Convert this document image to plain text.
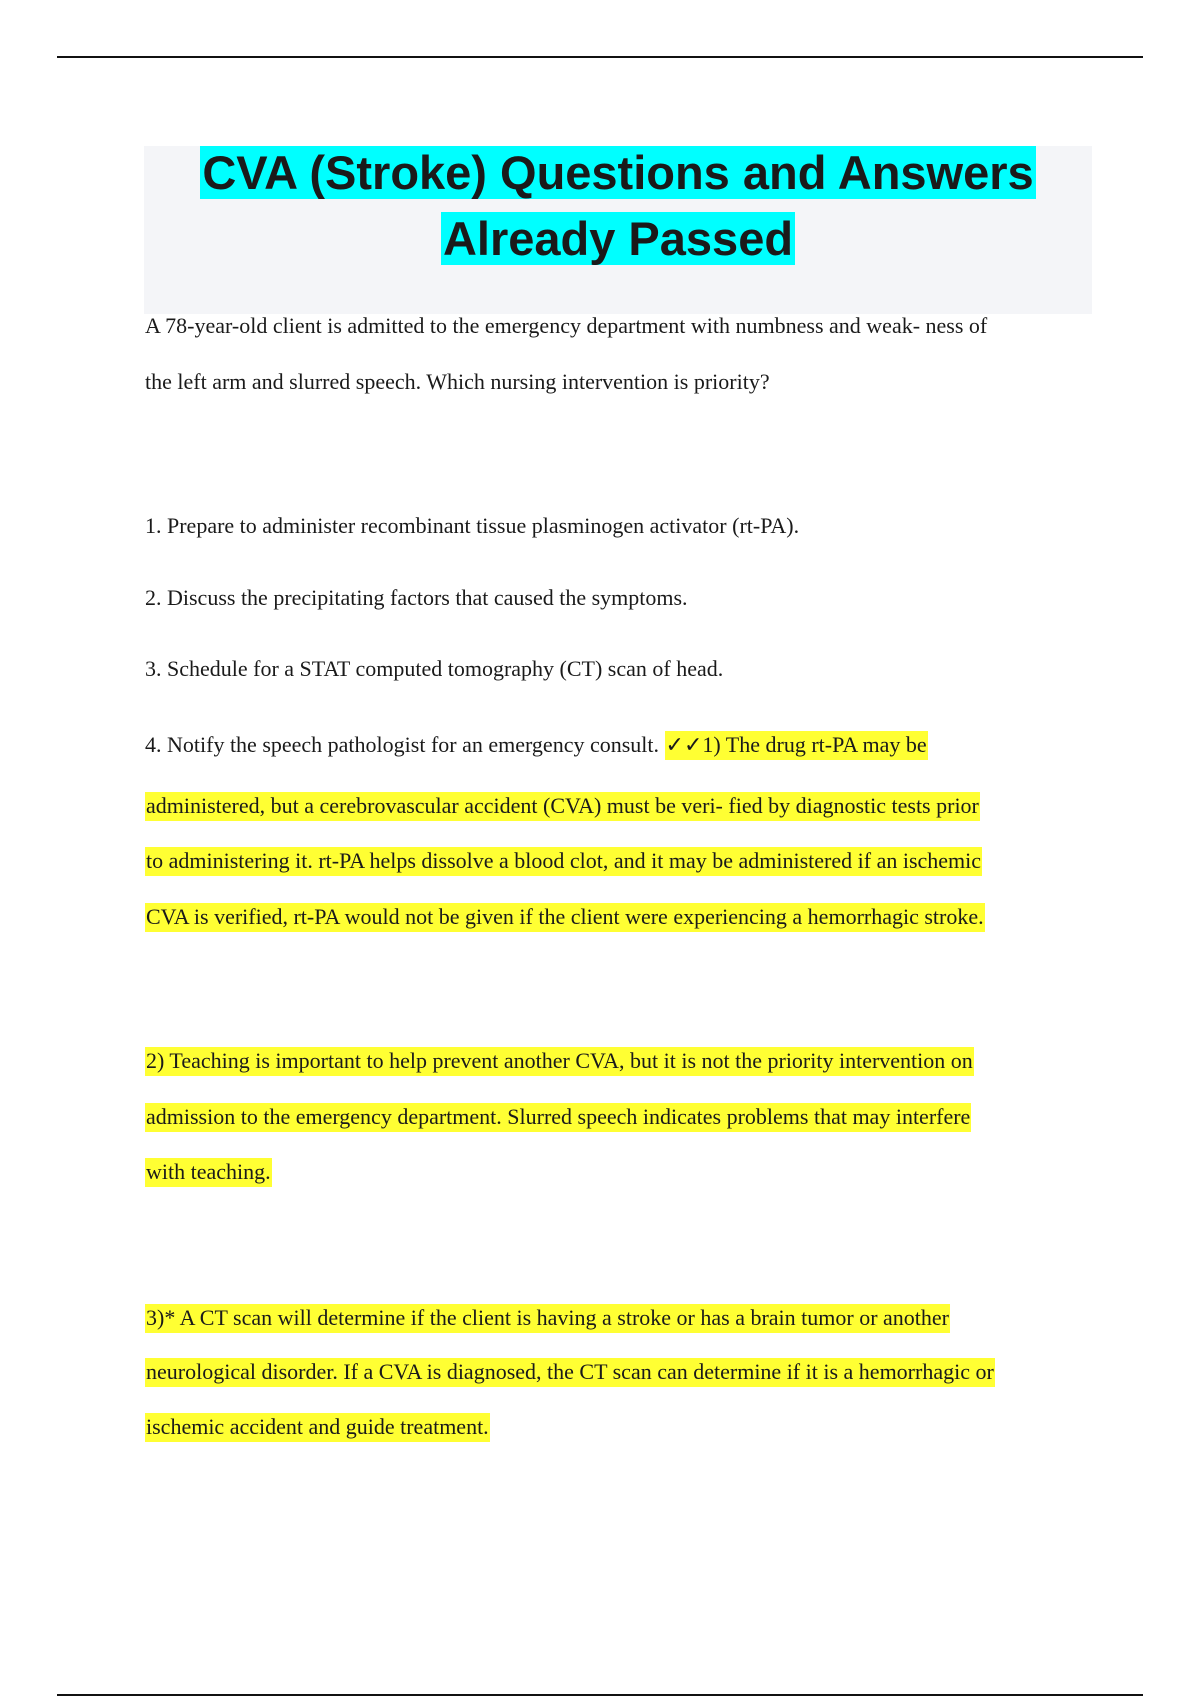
CVA (Stroke) Questions and Answers
Already Passed
A 78-year-old client is admitted to the emergency department with numbness and weak- ness of
the left arm and slurred speech. Which nursing intervention is priority?
1. Prepare to administer recombinant tissue plasminogen activator (rt-PA).
2. Discuss the precipitating factors that caused the symptoms.
3. Schedule for a STAT computed tomography (CT) scan of head.
4. Notify the speech pathologist for an emergency consult. ✓✓1) The drug rt-PA may be
administered, but a cerebrovascular accident (CVA) must be veri- fied by diagnostic tests prior
to administering it. rt-PA helps dissolve a blood clot, and it may be administered if an ischemic
CVA is verified, rt-PA would not be given if the client were experiencing a hemorrhagic stroke.
2) Teaching is important to help prevent another CVA, but it is not the priority intervention on
admission to the emergency department. Slurred speech indicates problems that may interfere
with teaching.
3)* A CT scan will determine if the client is having a stroke or has a brain tumor or another
neurological disorder. If a CVA is diagnosed, the CT scan can determine if it is a hemorrhagic or
ischemic accident and guide treatment.
